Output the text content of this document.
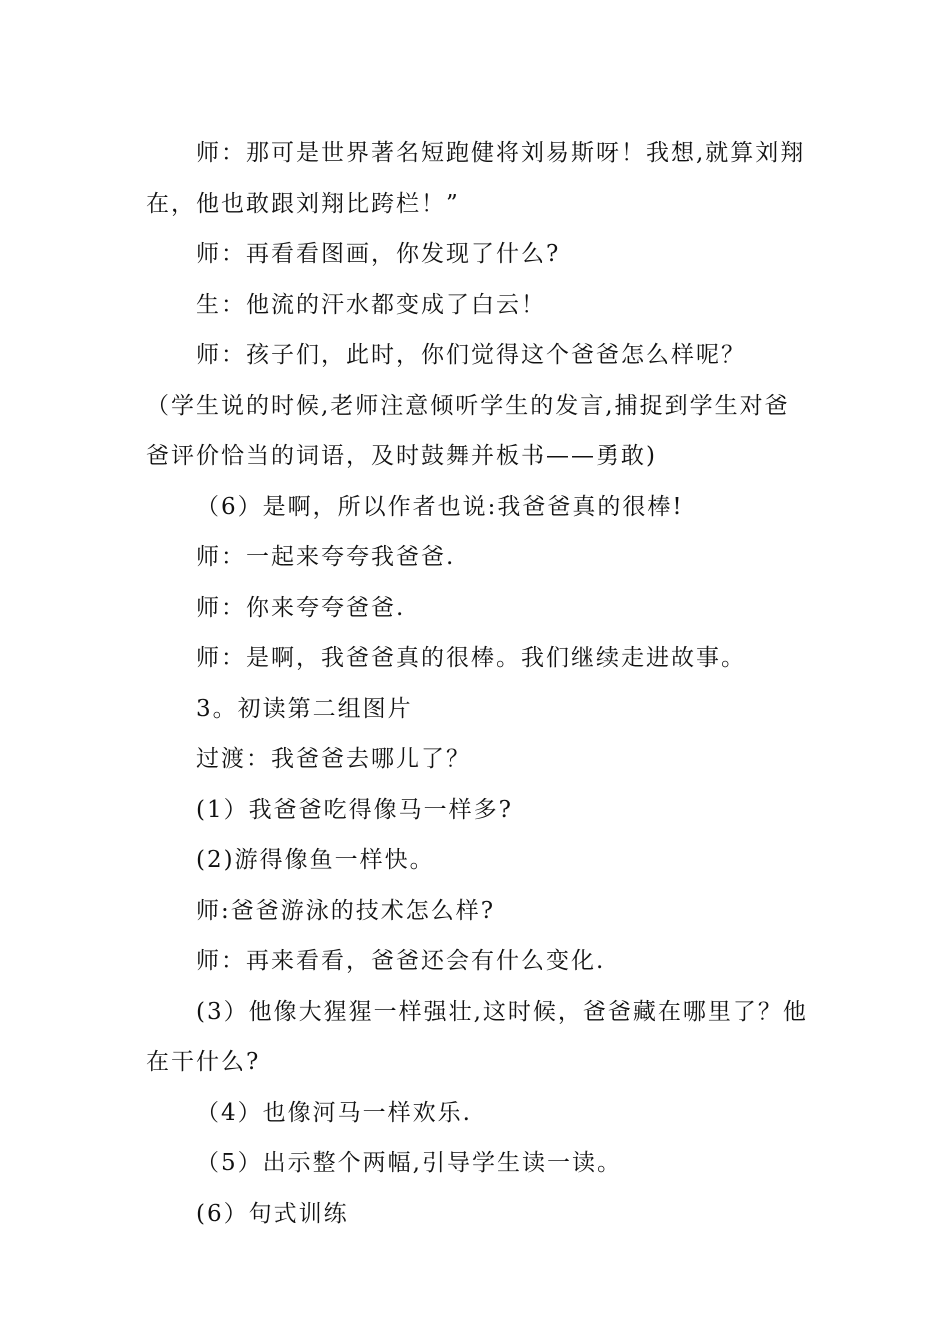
师：那可是世界著名短跑健将刘易斯呀！我想,就算刘翔在，他也敢跟刘翔比跨栏！”

师：再看看图画，你发现了什么?

生：他流的汗水都变成了白云！

师：孩子们，此时，你们觉得这个爸爸怎么样呢？

（学生说的时候,老师注意倾听学生的发言,捕捉到学生对爸爸评价恰当的词语，及时鼓舞并板书——勇敢)

（6）是啊，所以作者也说:我爸爸真的很棒!

师：一起来夸夸我爸爸.

师：你来夸夸爸爸.

师：是啊，我爸爸真的很棒。我们继续走进故事。

3。初读第二组图片

过渡：我爸爸去哪儿了？

(1）我爸爸吃得像马一样多?

(2)游得像鱼一样快。

师:爸爸游泳的技术怎么样?

师：再来看看，爸爸还会有什么变化.

(3）他像大猩猩一样强壮,这时候，爸爸藏在哪里了？他在干什么?

（4）也像河马一样欢乐.

（5）出示整个两幅,引导学生读一读。

(6）句式训练
